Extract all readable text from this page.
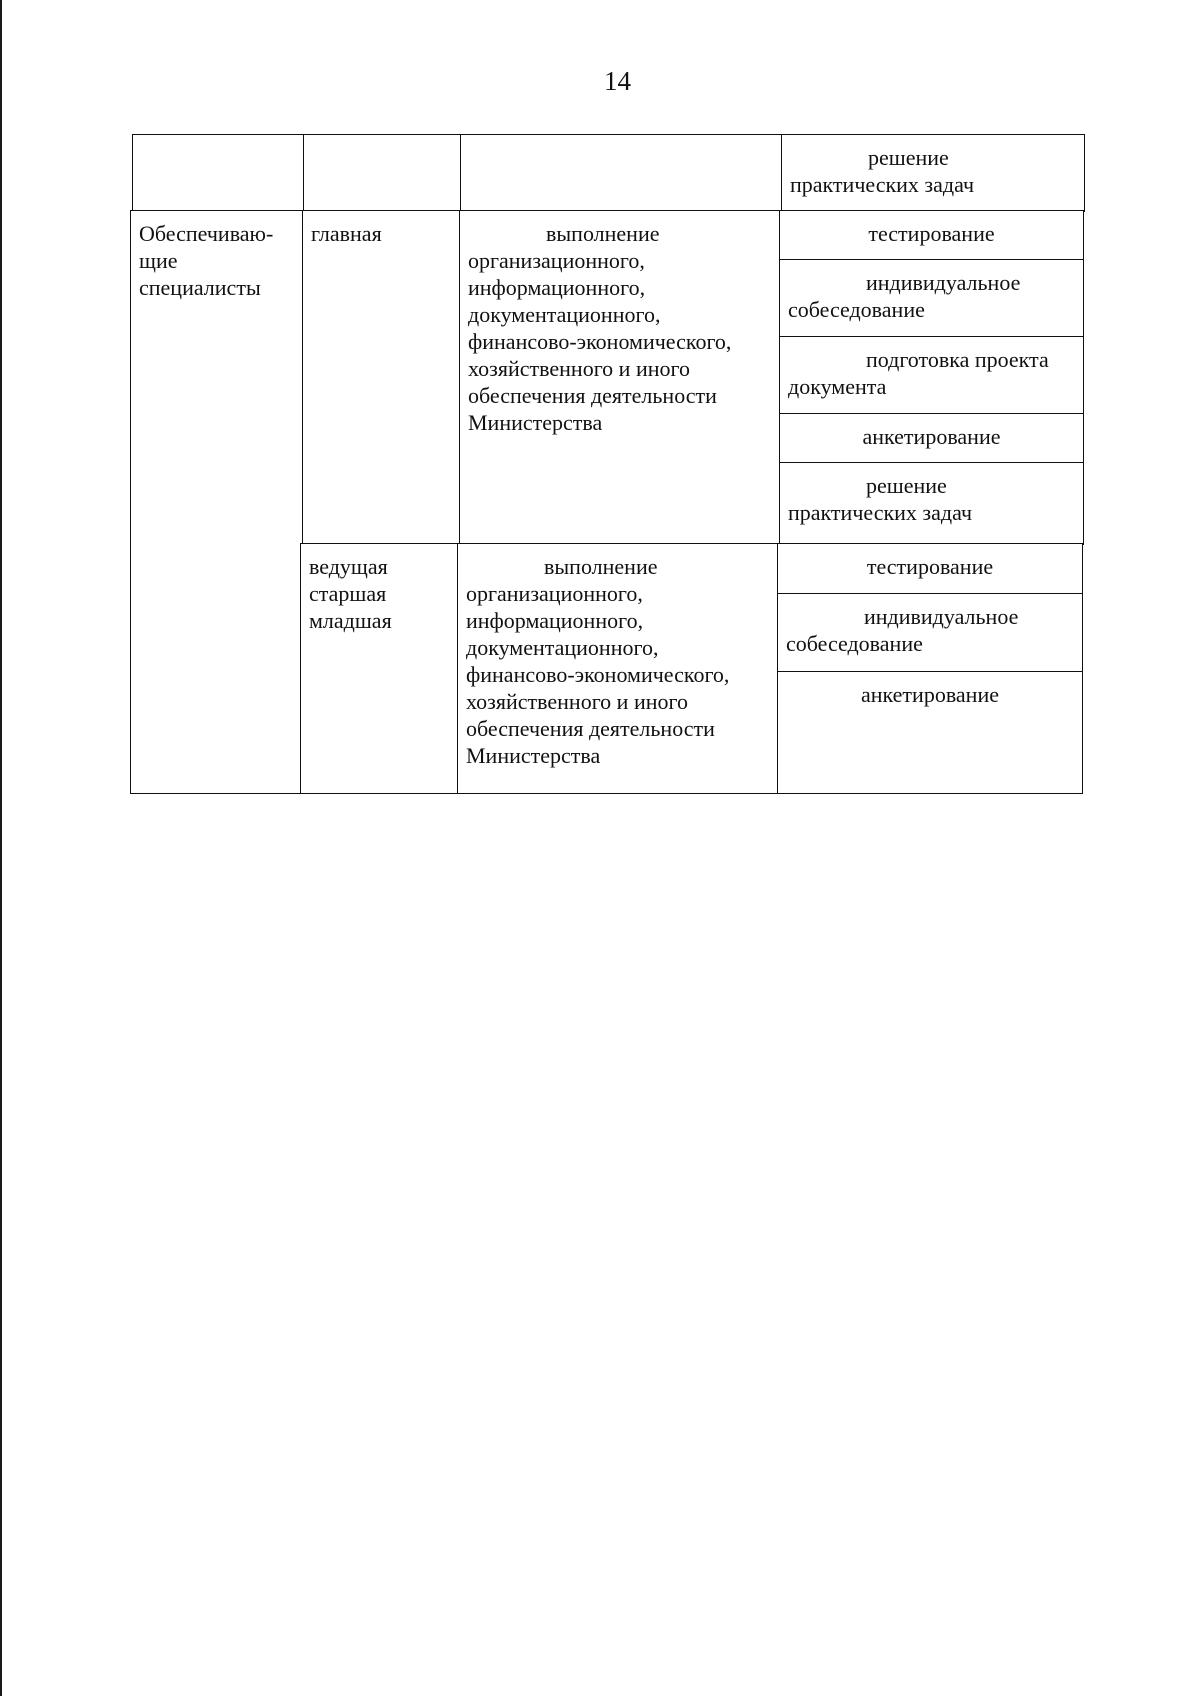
14
решение
практических задач
Обеспечиваю-
щие
специалисты
главная	выполнение
организационного,
информационного,
документационного,
финансово-экономического,
хозяйственного и иного
обеспечения деятельности
Министерства
тестирование
индивидуальное
собеседование
подготовка проекта
документа
анкетирование
решение
практических задач
ведущая
старшая
младшая
выполнение
организационного,
информационного,
документационного,
финансово-экономического,
хозяйственного и иного
обеспечения деятельности
Министерства
тестирование
индивидуальное
собеседование
анкетирование
